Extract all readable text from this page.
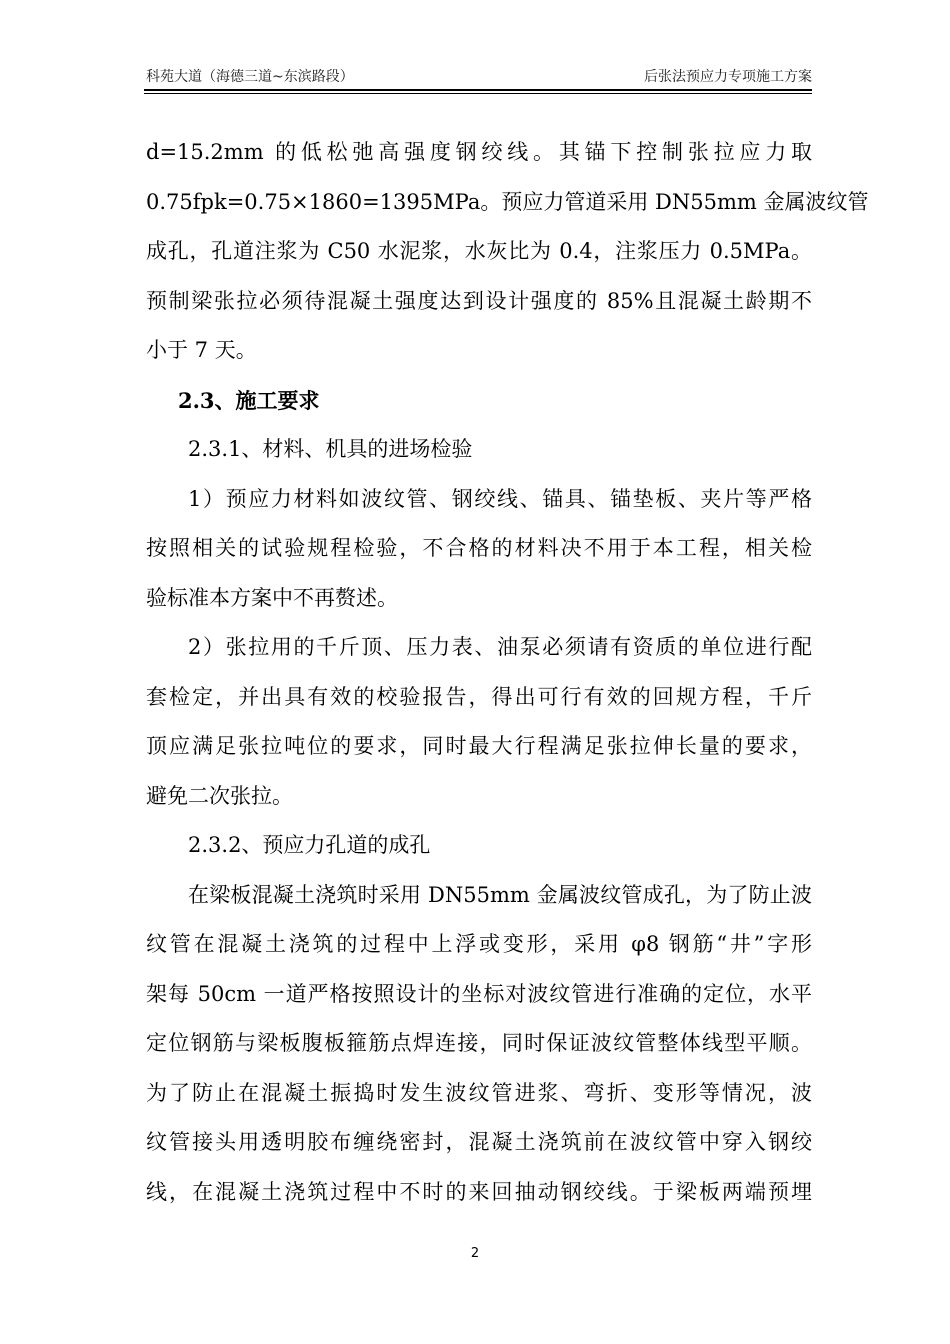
科苑大道（海德三道~东滨路段）	后张法预应力专项施工方案
d=15.2mm 的低松弛高强度钢绞线。其锚下控制张拉应力取
0.75fpk=0.75×1860=1395MPa。预应力管道采用 DN55mm 金属波纹管
成孔，孔道注浆为 C50 水泥浆，水灰比为 0.4，注浆压力 0.5MPa。
预制梁张拉必须待混凝土强度达到设计强度的 85%且混凝土龄期不
小于 7 天。
2.3、施工要求
2.3.1、材料、机具的进场检验
1）预应力材料如波纹管、钢绞线、锚具、锚垫板、夹片等严格
按照相关的试验规程检验，不合格的材料决不用于本工程，相关检
验标准本方案中不再赘述。
2）张拉用的千斤顶、压力表、油泵必须请有资质的单位进行配
套检定，并出具有效的校验报告，得出可行有效的回规方程，千斤
顶应满足张拉吨位的要求，同时最大行程满足张拉伸长量的要求，
避免二次张拉。
2.3.2、预应力孔道的成孔
在梁板混凝土浇筑时采用 DN55mm 金属波纹管成孔，为了防止波
纹管在混凝土浇筑的过程中上浮或变形，采用 φ8 钢筋“井”字形
架每 50cm 一道严格按照设计的坐标对波纹管进行准确的定位，水平
定位钢筋与梁板腹板箍筋点焊连接，同时保证波纹管整体线型平顺。
为了防止在混凝土振捣时发生波纹管进浆、弯折、变形等情况，波
纹管接头用透明胶布缠绕密封，混凝土浇筑前在波纹管中穿入钢绞
线，在混凝土浇筑过程中不时的来回抽动钢绞线。于梁板两端预埋
2
